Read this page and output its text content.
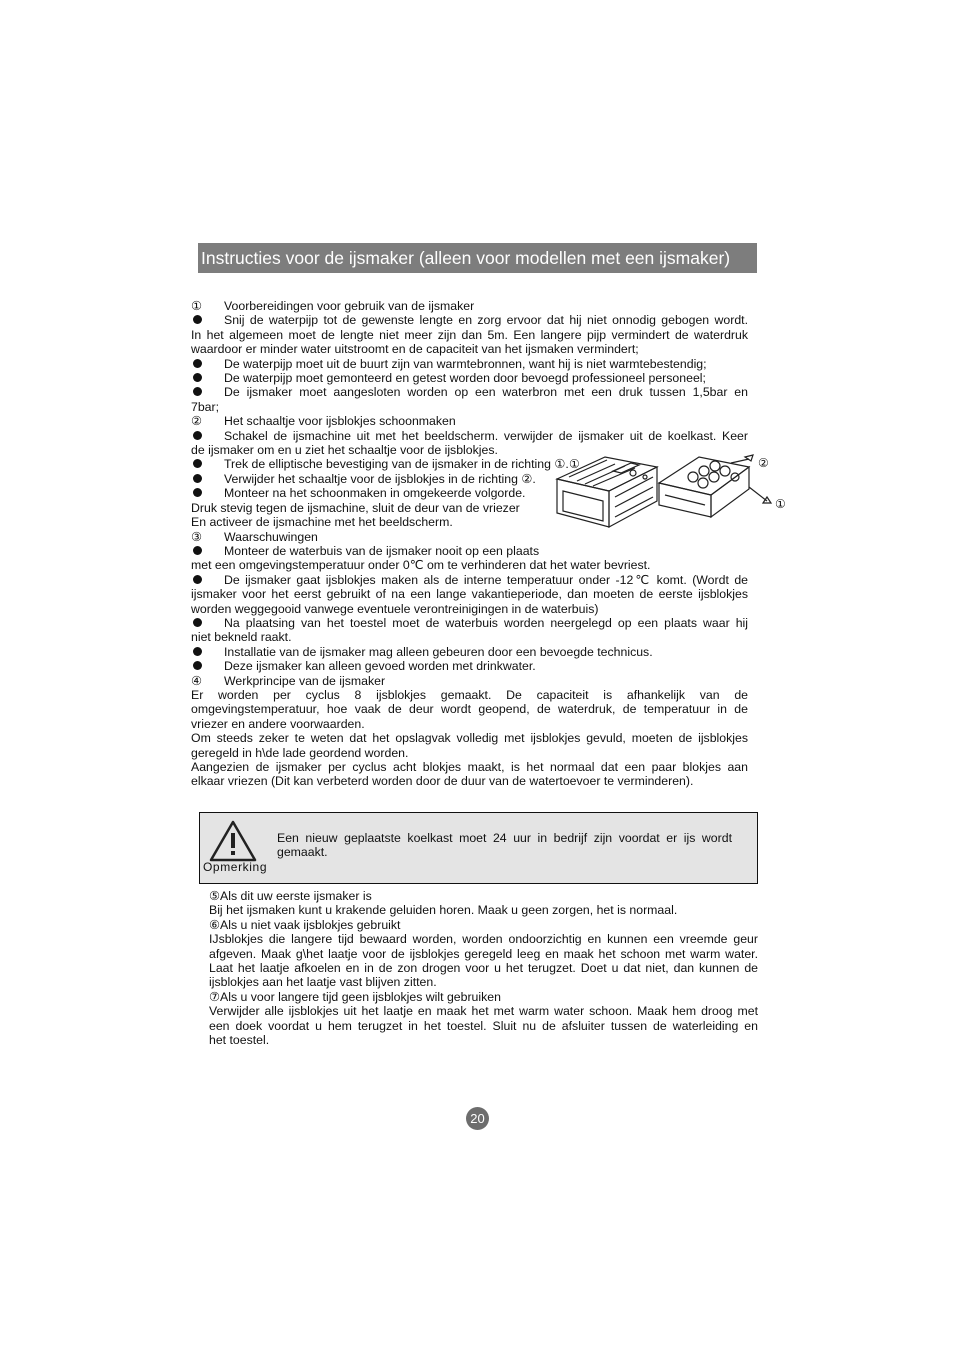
Instructies voor de ijsmaker (alleen voor modellen met een ijsmaker)
① Voorbereidingen voor gebruik van de ijsmaker
Snij de waterpijp tot de gewenste lengte en zorg ervoor dat hij niet onnodig gebogen wordt.
In het algemeen moet de lengte niet meer zijn dan 5m. Een langere pijp vermindert de waterdruk
waardoor er minder water uitstroomt en de capaciteit van het ijsmaken vermindert;
De waterpijp moet uit de buurt zijn van warmtebronnen, want hij is niet warmtebestendig;
De waterpijp moet gemonteerd en getest worden door bevoegd professioneel personeel;
De ijsmaker moet aangesloten worden op een waterbron met een druk tussen 1,5bar en
7bar;
② Het schaaltje voor ijsblokjes schoonmaken
Schakel de ijsmachine uit met het beeldscherm. verwijder de ijsmaker uit de koelkast. Keer
de ijsmaker om en u ziet het schaaltje voor de ijsblokjes.
Trek de elliptische bevestiging van de ijsmaker in de richting ①.
Verwijder het schaaltje voor de ijsblokjes in de richting ②.
Monteer na het schoonmaken in omgekeerde volgorde.
Druk stevig tegen de ijsmachine, sluit de deur van de vriezer
En activeer de ijsmachine met het beeldscherm.
③ Waarschuwingen
Monteer de waterbuis van de ijsmaker nooit op een plaats
met een omgevingstemperatuur onder 0℃ om te verhinderen dat het water bevriest.
De ijsmaker gaat ijsblokjes maken als de interne temperatuur onder -12℃ komt. (Wordt de
ijsmaker voor het eerst gebruikt of na een lange vakantieperiode, dan moeten de eerste ijsblokjes
worden weggegooid vanwege eventuele verontreinigingen in de waterbuis)
Na plaatsing van het toestel moet de waterbuis worden neergelegd op een plaats waar hij
niet bekneld raakt.
Installatie van de ijsmaker mag alleen gebeuren door een bevoegde technicus.
Deze ijsmaker kan alleen gevoed worden met drinkwater.
④ Werkprincipe van de ijsmaker
Er worden per cyclus 8 ijsblokjes gemaakt. De capaciteit is afhankelijk van de
omgevingstemperatuur, hoe vaak de deur wordt geopend, de waterdruk, de temperatuur in de
vriezer en andere voorwaarden.
Om steeds zeker te weten dat het opslagvak volledig met ijsblokjes gevuld, moeten de ijsblokjes
geregeld in h\de lade geordend worden.
Aangezien de ijsmaker per cyclus acht blokjes maakt, is het normaal dat een paar blokjes aan
elkaar vriezen (Dit kan verbeterd worden door de duur van de watertoevoer te verminderen).
①	②
①
Opmerking
Een nieuw geplaatste koelkast moet 24 uur in bedrijf zijn voordat er ijs wordt
gemaakt.
⑤Als dit uw eerste ijsmaker is
Bij het ijsmaken kunt u krakende geluiden horen. Maak u geen zorgen, het is normaal.
⑥Als u niet vaak ijsblokjes gebruikt
IJsblokjes die langere tijd bewaard worden, worden ondoorzichtig en kunnen een vreemde geur
afgeven. Maak g\het laatje voor de ijsblokjes geregeld leeg en maak het schoon met warm water.
Laat het laatje afkoelen en in de zon drogen voor u het terugzet. Doet u dat niet, dan kunnen de
ijsblokjes aan het laatje vast blijven zitten.
⑦Als u voor langere tijd geen ijsblokjes wilt gebruiken
Verwijder alle ijsblokjes uit het laatje en maak het met warm water schoon. Maak hem droog met
een doek voordat u hem terugzet in het toestel. Sluit nu de afsluiter tussen de waterleiding en
het toestel.
20
